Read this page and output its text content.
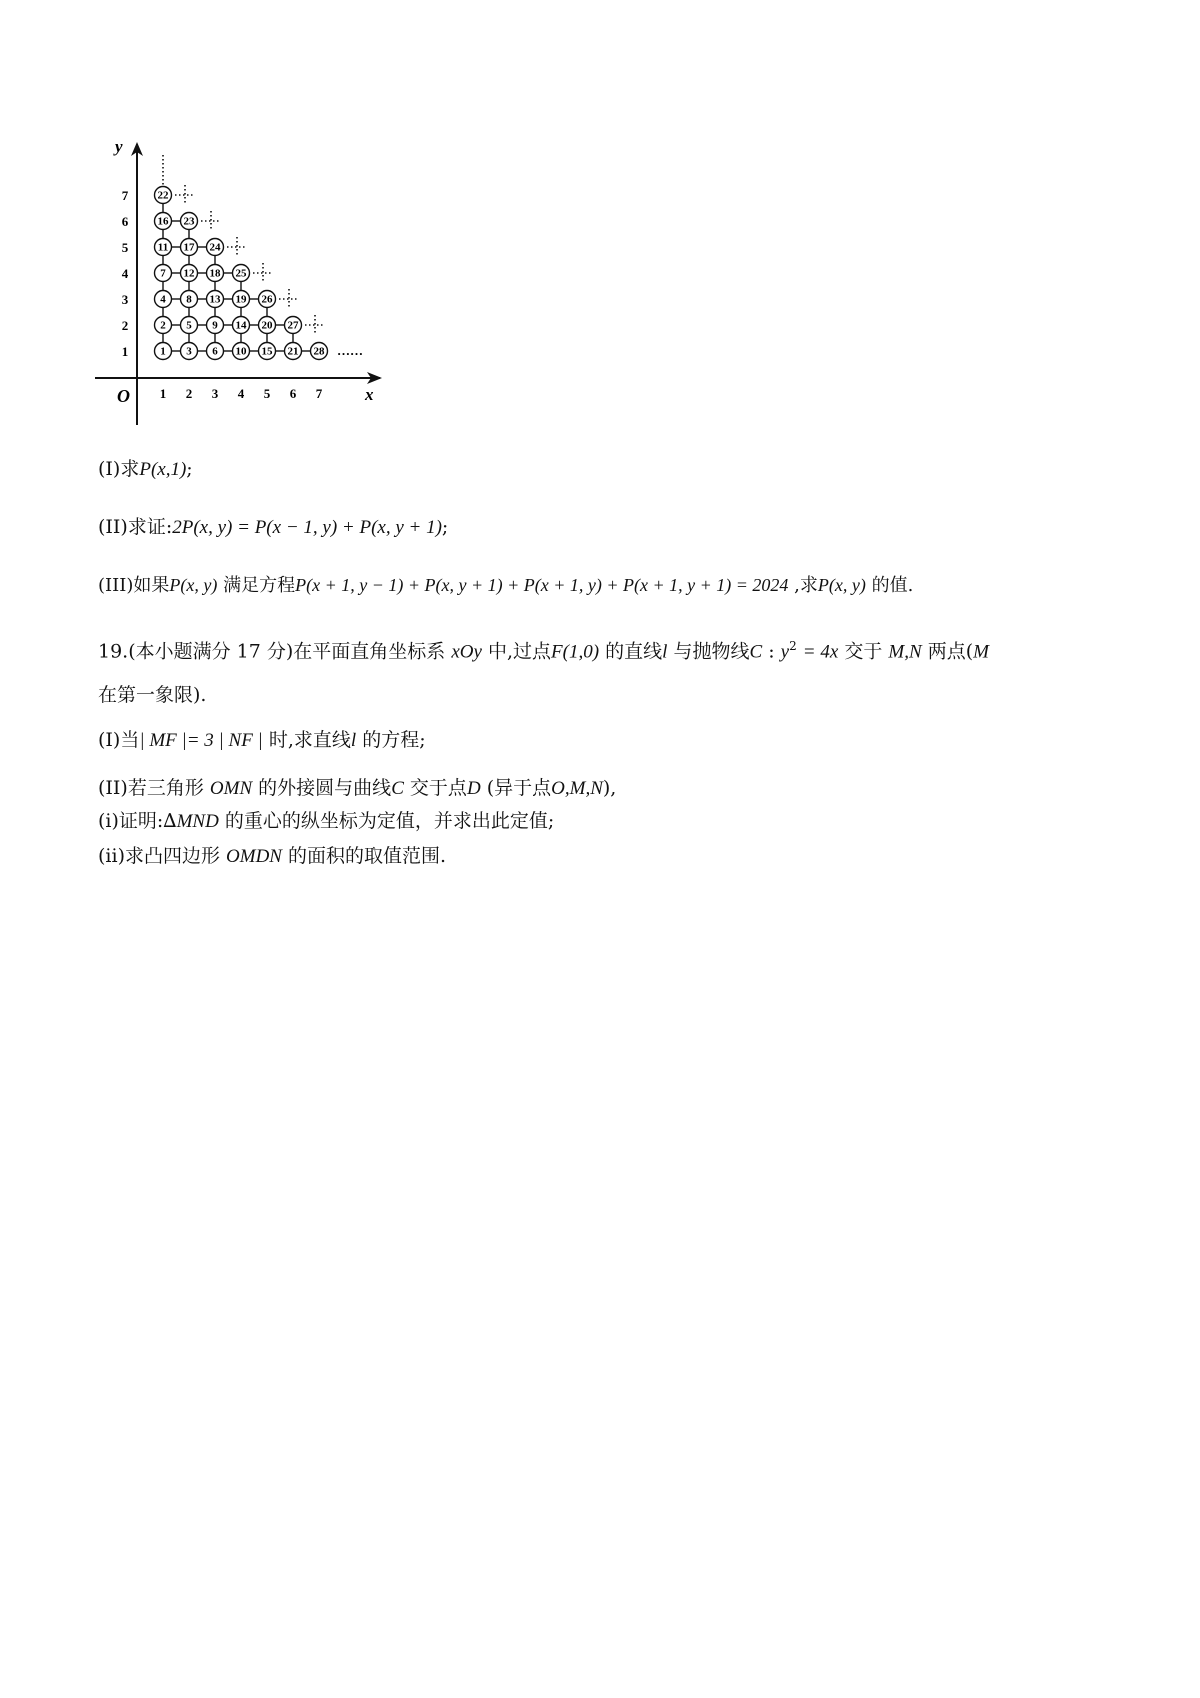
y
x
O 1 2 3 4 5 6 7
1
2
3
4
5
6
7
……
1 3 6 10 15 21 28
2 5 9 14 20 27
4 8 13 19 26
7 12 18 25
11 17 24
16 23
22
(I)求P(x,1);
(II)求证:2P(x, y) = P(x − 1, y) + P(x, y + 1);
(III)如果P(x, y) 满足方程P(x + 1, y − 1) + P(x, y + 1) + P(x + 1, y) + P(x + 1, y + 1) = 2024 ,求P(x, y) 的值.
19.(本小题满分 17 分)在平面直角坐标系 xOy 中,过点F(1,0) 的直线l 与抛物线C : $y^2 = 4x$ 交于 M,N 两点(M
在第一象限).
(I)当| MF |= 3 | NF | 时,求直线l 的方程;
(II)若三角形 OMN 的外接圆与曲线C 交于点D (异于点O,M,N),
(i)证明:∆MND 的重心的纵坐标为定值，并求出此定值;
(ii)求凸四边形 OMDN 的面积的取值范围.
